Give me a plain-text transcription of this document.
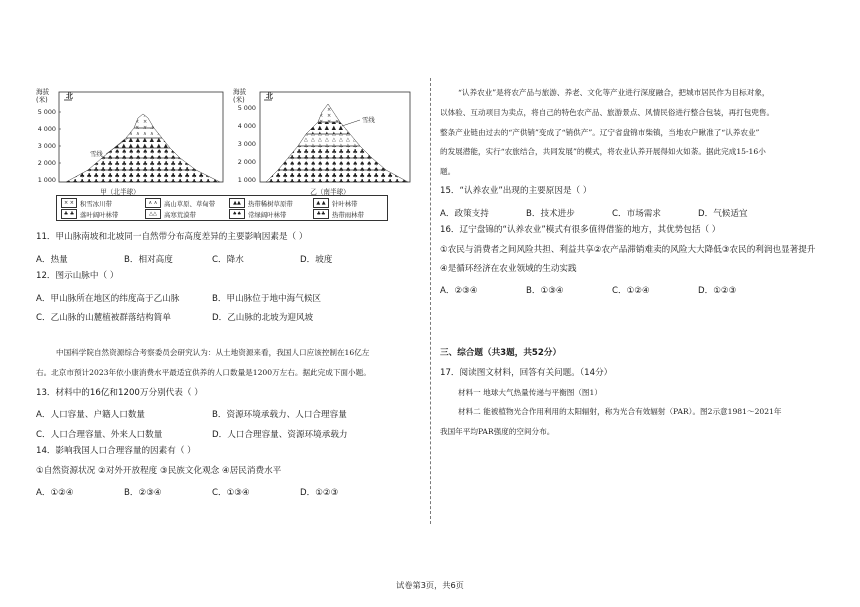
5 000
4 000
3 000
2 000
1 000
海拔
(米)	北
雪线
甲（北半球）
5 000
4 000
3 000
2 000
1 000
海拔
(米)	北
雪线
乙（南半球）
× × 积雪冰川带	∧ ∧	高山草原、草甸带	▲▲	热带稀树草原带	▲ ▲ 针叶林带
♣ ♣ 落叶阔叶林带	△△	高寒荒漠带	♠♠	常绿阔叶林带	♣♣	热带雨林带
11．甲山脉南坡和北坡同一自然带分布高度差异的主要影响因素是（ ）
A．热量	B．相对高度	C．降水	D．坡度
12．图示山脉中（ ）
A．甲山脉所在地区的纬度高于乙山脉	B．甲山脉位于地中海气候区
C．乙山脉的山麓植被群落结构简单	D．乙山脉的北坡为迎风坡
中国科学院自然资源综合考察委员会研究认为：从土地资源来看，我国人口应该控制在16亿左
右。北京市预计2023年依小康消费水平最适宜供养的人口数量是1200万左右。据此完成下面小题。
13．材料中的16亿和1200万分别代表（ ）
A．人口容量、户籍人口数量	B．资源环境承载力、人口合理容量
C．人口合理容量、外来人口数量	D．人口合理容量、资源环境承载力
14．影响我国人口合理容量的因素有（ ）
①自然资源状况 ②对外开放程度 ③民族文化观念 ④居民消费水平
A．①②④	B．②③④	C．①③④	D．①②③
“认养农业”是将农产品与旅游、养老、文化等产业进行深度融合，把城市居民作为目标对象，
以体验、互动项目为卖点，将自己的特色农产品、旅游景点、风情民俗进行整合包装，再打包兜售。
整条产业链由过去的“产供销”变成了“销供产”。辽宁省盘锦市柴镇，当地农户瞅准了“认养农业”
的发展潜能，实行“农旅结合，共同发展”的模式，将农业认养开展得如火如荼。据此完成15-16小
题。
15．“认养农业”出现的主要原因是（ ）
A．政策支持	B．技术进步	C．市场需求	D．气候适宜
16．辽宁盘锦的“认养农业”模式有很多值得借鉴的地方，其优势包括（ ）
①农民与消费者之间风险共担、利益共享②农产品滞销难卖的风险大大降低③农民的利润也显著提升
④是循环经济在农业领域的生动实践
A．②③④	B．①③④	C．①②④	D．①②③
三、综合题（共3题，共52分）
17．阅读图文材料，回答有关问题。（14分）
材料一 地球大气热量传递与平衡图（图1）
材料二 能被植物光合作用利用的太阳辐射，称为光合有效辐射（PAR）。图2示意1981～2021年
我国年平均PAR强度的空间分布。
试卷第3页，共6页
